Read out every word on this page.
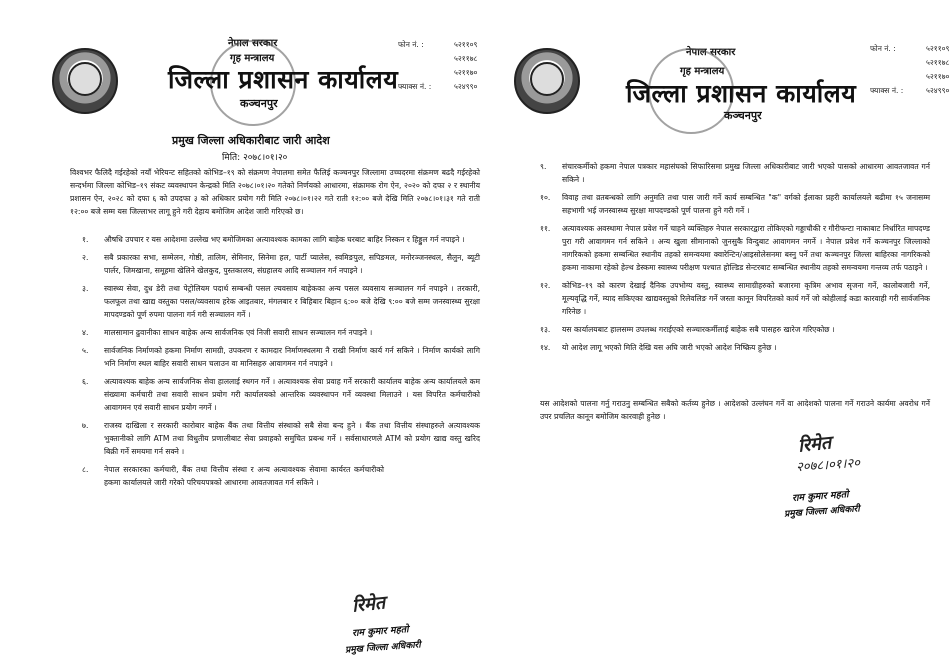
नेपाल सरकार
गृह मन्त्रालय
जिल्ला प्रशासन कार्यालय
कञ्चनपुर
फोन नं. :	५२११०९
५२११७८
५२११७०
फ्याक्स नं. :	५२४९९०
प्रमुख जिल्ला अधिकारीबाट जारी आदेश
मिति: २०७८।०१।२०
विश्वभर फैलिदै गईरहेको नयाँ भेरियन्ट सहितको कोभिड–१९ को संक्रमण नेपालमा समेत फैलिई कञ्चनपुर जिल्लामा उच्चदरमा संक्रमण बढदै गईरहेको सन्दर्भमा जिल्ला कोभिड–१९ संकट व्यवस्थापन केन्द्रको मिति २०७८।०१।२० गतेको निर्णयको आधारमा, संक्रामक रोग ऐन, २०२० को दफा २ र स्थानीय प्रशासन ऐन, २०२८ को दफा ६ को उपदफा ३ को अधिकार प्रयोग गरी मिति २०७८।०१।२२ गते राती १२:०० बजे देखि मिति २०७८।०१।३१ गते राती १२:०० बजे सम्म यस जिल्लाभर लागू हुने गरी देहाय बमोजिम आदेश जारी गरिएको छ।
१.	औषधि उपचार र यस आदेशमा उल्लेख भए बमोजिमका अत्यावश्यक कामका लागि बाहेक घरबाट बाहिर निस्कन र हिड्डुल गर्न नपाइने ।
२.	सबै प्रकारका सभा, सम्मेलन, गोष्ठी, तालिम, सेमिनार, सिनेमा हल, पार्टी प्यालेस, स्वमिङपुल, सपिङमल, मनोरञ्जनस्थल, सैलुन, ब्यूटी पार्लर, जिमखाना, समूहमा खेलिने खेलकुद, पुस्तकालय, संग्रहालय आदि सञ्चालन गर्न नपाइने ।
३.	स्वास्थ्य सेवा, दुध डेरी तथा पेट्रोलियम पदार्थ सम्बन्धी पसल ल्यवसाय बाहेकका अन्य पसल व्यवसाय सञ्चालन गर्न नपाइने । तरकारी, फलफूल तथा खाद्य वस्तुका पसल/व्यवसाय हरेक आइतबार, मंगलबार र बिहिबार बिहान ६:०० बजे देखि ९:०० बजे सम्म जनस्वास्थ्य सुरक्षा मापदण्डको पूर्ण रुपमा पालना गर्न गरी सञ्चालन गर्ने ।
४.	मालसामान ढुवानीका साधन बाहेक अन्य सार्वजनिक एवं निजी सवारी साधन सञ्चालन गर्न नपाइने ।
५.	सार्वजनिक निर्माणको हकमा निर्माण सामग्री, उपकरण र कामदार निर्माणस्थलमा नै राखी निर्माण कार्य गर्न सकिने । निर्माण कार्यको लागि भनि निर्माण स्थल बाहिर सवारी साधन चलाउन वा मानिसहरु आवागमन गर्न नपाइने ।
६.	अत्यावश्यक बाहेक अन्य सार्वजनिक सेवा हाललाई स्थगन गर्ने । अत्यावश्यक सेवा प्रवाह गर्ने सरकारी कार्यालय बाहेक अन्य कार्यालयले कम संख्यामा कर्मचारी तथा सवारी साधन प्रयोग गरी कार्यालयको आन्तरिक व्यवस्थापन गर्ने व्यवस्था मिलाउने । यस विपरित कर्मचारीको आवागमन एवं सवारी साधन प्रयोग नगर्ने ।
७.	राजस्व दाखिला र सरकारी कारोबार बाहेक बैंक तथा वित्तीय संस्थाको सबै सेवा बन्द हुने । बैंक तथा वित्तीय संस्थाहरुले अत्यावश्यक भुक्तानीको लागि ATM तथा विधुतीय प्रणालीबाट सेवा प्रवाहको समुचित प्रबन्ध गर्ने । सर्वसाधारणले ATM को प्रयोग खाद्य वस्तु खरिद बिक्री गर्ने समयमा गर्न सक्ने ।
८.	नेपाल सरकारका कर्मचारी, बैंक तथा वित्तीय संस्था र अन्य अत्यावश्यक सेवामा कार्यरत कर्मचारीको हकमा कार्यालयले जारी गरेको परिचयपत्रको आधारमा आवतजावत गर्न सकिने ।
रिमेत
राम कुमार महतो
प्रमुख जिल्ला अधिकारी
नेपाल सरकार
गृह मन्त्रालय
जिल्ला प्रशासन कार्यालय
कञ्चनपुर
फोन नं. :	५२११०९
५२११७८
५२११७०
फ्याक्स नं. :	५२४९९०
९.	संचारकर्मीको हकमा नेपाल पत्रकार महासंघको सिफारिसमा प्रमुख जिल्ला अधिकारीबाट जारी भएको पासको आधारमा आवतजावत गर्न सकिने ।
१०.	विवाह तथा व्रतबन्धको लागि अनुमति तथा पास जारी गर्ने कार्य सम्बन्धित "क" वर्गको ईलाका प्रहरी कार्यालयले बढीमा १५ जनासम्म सहभागी भई जनस्वास्थ्य सुरक्षा मापदण्डको पूर्ण पालना हुने गरी गर्ने ।
११.	अत्यावश्यक अवस्थामा नेपाल प्रवेश गर्ने चाहने व्यक्तिहरु नेपाल सरकारद्वारा तोकिएको गड्डाचौकी र गौरीफन्टा नाकाबाट निर्धारित मापदण्ड पुरा गरी आवागमन गर्न सकिने । अन्य खुला सीमानाको जुनसुकै विन्दुबाट आवागमन नगर्ने । नेपाल प्रवेश गर्ने कञ्चनपुर जिल्लाको नागरिकको हकमा सम्बन्धित स्थानीय तहको समन्वयमा क्वारेन्टिन/आइसोलेसनमा बस्नु पर्ने तथा कञ्चनपुर जिल्ला बाहिरका नागरिकको हकमा नाकामा रहेको हेल्थ डेस्कमा स्वास्थ्य परीक्षण पश्चात होल्डिड सेन्टरबाट सम्बन्धित स्थानीय तहको समन्वयमा गन्तव्य तर्फ पठाइने ।
१२.	कोभिड–१९ को कारण देखाई दैनिक उपभोग्य वस्तु, स्वास्थ्य सामाग्रीहरुको बजारमा कृत्रिम अभाव सृजना गर्ने, कालोबजारी गर्ने, मूल्यवृद्धि गर्ने, म्याद सकिएका खाद्यवस्तुको रिलेवलिङ गर्ने जस्ता कानून विपरितको कार्य गर्ने जो कोहीलाई कडा कारवाही गरी सार्वजनिक गरिनेछ ।
१३.	यस कार्यालयबाट हालसम्म उपलब्ध गराईएको सञ्चारकर्मीलाई बाहेक सबै पासहरु खारेज गरिएकोछ ।
१४.	यो आदेश लागू भएको मिति देखि यस अघि जारी भएको आदेश निष्क्रिय हुनेछ ।
यस आदेशको पालना गर्नु गराउनु सम्बन्धित सबैको कर्तव्य हुनेछ । आदेशको उल्लंघन गर्ने वा आदेशको पालना गर्ने गराउने कार्यमा अवरोध गर्ने उपर प्रचलित कानून बमोजिम कारवाही हुनेछ ।
रिमेत
२०७८।०१।२०
राम कुमार महतो
प्रमुख जिल्ला अधिकारी
